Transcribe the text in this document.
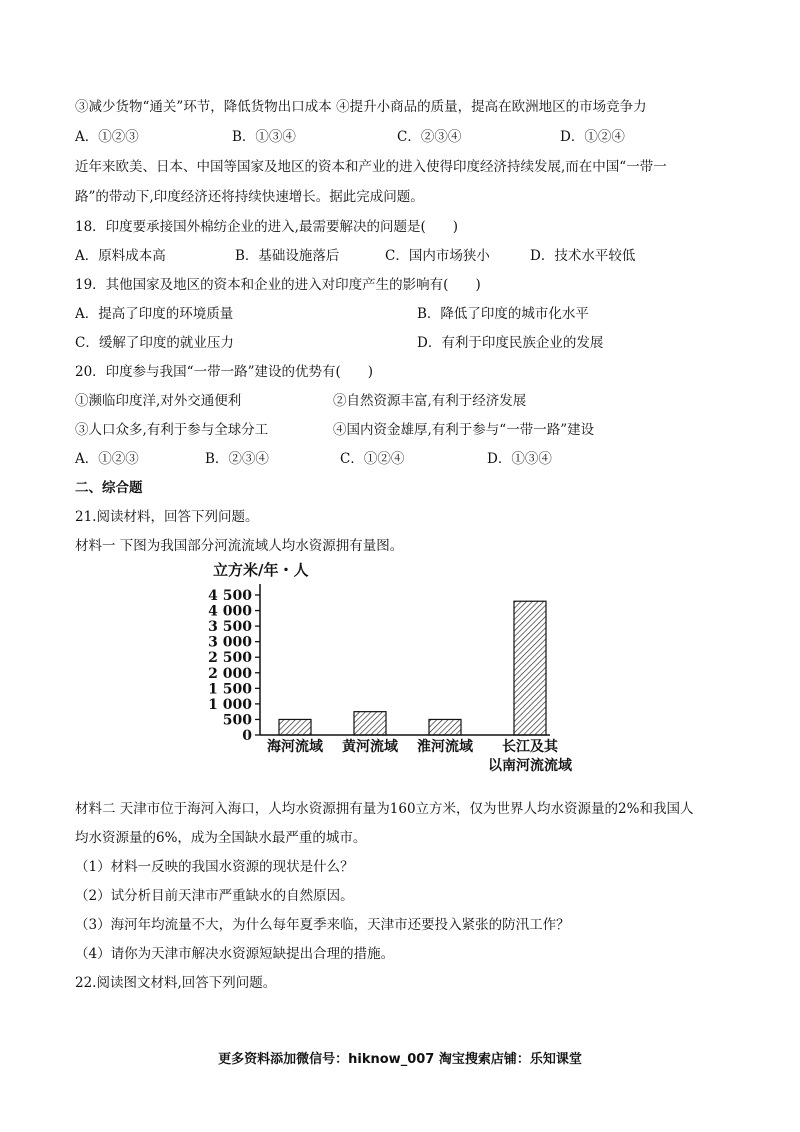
③减少货物“通关”环节，降低货物出口成本 ④提升小商品的质量，提高在欧洲地区的市场竞争力
A．①②③	B．①③④	C．②③④	D．①②④
近年来欧美、日本、中国等国家及地区的资本和产业的进入使得印度经济持续发展,而在中国“一带一
路”的带动下,印度经济还将持续快速增长。据此完成问题。
18．印度要承接国外棉纺企业的进入,最需要解决的问题是(　　)
A．原料成本高	B．基础设施落后	C．国内市场狭小	D．技术水平较低
19．其他国家及地区的资本和企业的进入对印度产生的影响有(　　)
A．提高了印度的环境质量	B．降低了印度的城市化水平
C．缓解了印度的就业压力	D．有利于印度民族企业的发展
20．印度参与我国“一带一路”建设的优势有(　　)
①濒临印度洋,对外交通便利	②自然资源丰富,有利于经济发展
③人口众多,有利于参与全球分工	④国内资金雄厚,有利于参与“一带一路”建设
A．①②③	B．②③④	C．①②④	D．①③④
二、综合题
21.阅读材料，回答下列问题。
材料一 下图为我国部分河流流域人均水资源拥有量图。
立方米/年・人
0
500
1 000
1 500
2 000
2 500
3 000
3 500
4 000
4 500
海河流域 黄河流域 淮河流域 长江及其
以南河流流域
材料二 天津市位于海河入海口，人均水资源拥有量为160立方米，仅为世界人均水资源量的2%和我国人
均水资源量的6%，成为全国缺水最严重的城市。
（1）材料一反映的我国水资源的现状是什么？
（2）试分析目前天津市严重缺水的自然原因。
（3）海河年均流量不大，为什么每年夏季来临，天津市还要投入紧张的防汛工作？
（4）请你为天津市解决水资源短缺提出合理的措施。
22.阅读图文材料,回答下列问题。
更多资料添加微信号：hiknow_007 淘宝搜索店铺：乐知课堂
